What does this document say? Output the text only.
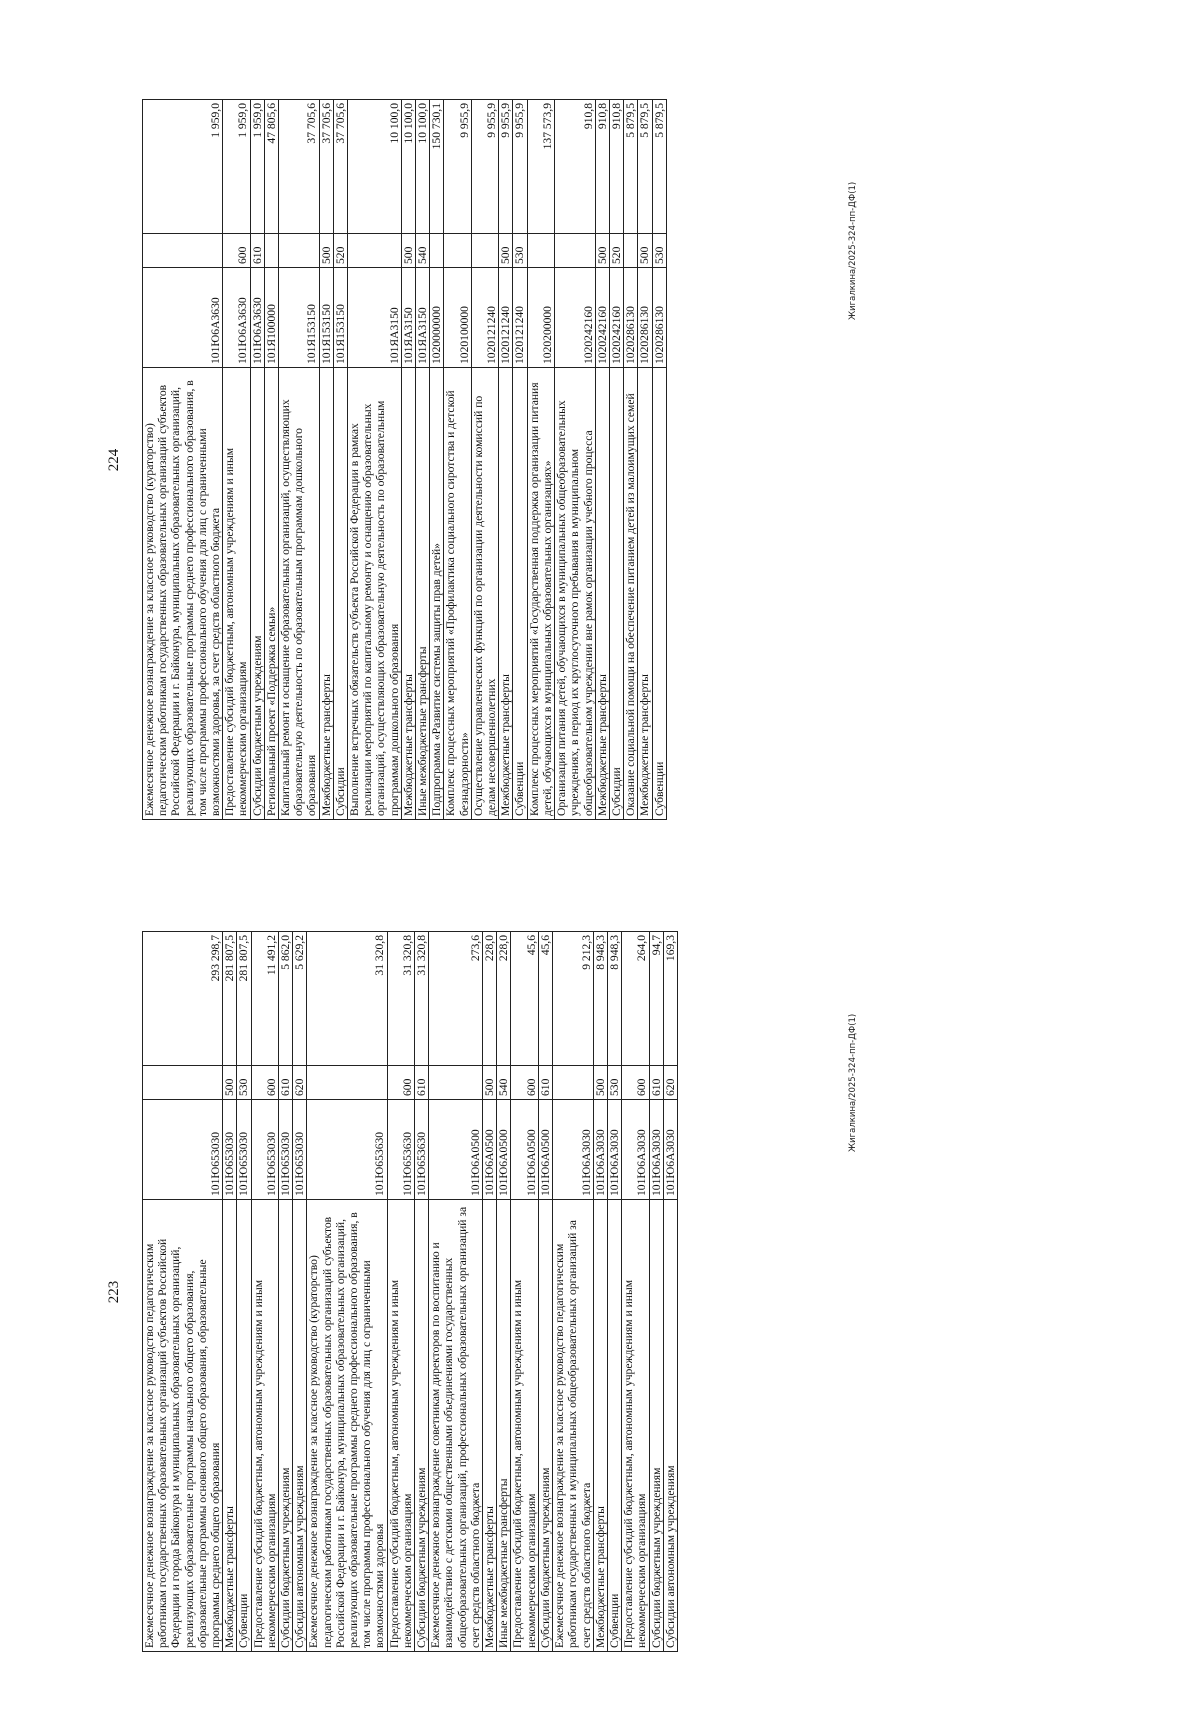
223 Ежемесячное денежное вознаграждение за классное руководство педагогическим работникам государственных образовательных организаций субъектов Российской Федерации и города Байконура и муниципальных образовательных организаций, реализующих образовательные программы начального общего образования, образовательные программы основного общего образования, образовательные программы среднего общего образования	101Ю653030		293 298,7
Межбюджетные трансферты	101Ю653030	500	281 807,5
Субвенции	101Ю653030	530	281 807,5
Предоставление субсидий бюджетным, автономным учреждениям и иным некоммерческим организациям	101Ю653030	600	11 491,2
Субсидии бюджетным учреждениям	101Ю653030	610	5 862,0
Субсидии автономным учреждениям	101Ю653030	620	5 629,2
Ежемесячное денежное вознаграждение за классное руководство (кураторство) педагогическим работникам государственных образовательных организаций субъектов Российской Федерации и г. Байконура, муниципальных образовательных организаций, реализующих образовательные программы среднего профессионального образования, в том числе программы профессионального обучения для лиц с ограниченными возможностями здоровья	101Ю653630		31 320,8
Предоставление субсидий бюджетным, автономным учреждениям и иным некоммерческим организациям	101Ю653630	600	31 320,8
Субсидии бюджетным учреждениям	101Ю653630	610	31 320,8
Ежемесячное денежное вознаграждение советникам директоров по воспитанию и взаимодействию с детскими общественными объединениями государственных общеобразовательных организаций, профессиональных образовательных организаций за счет средств областного бюджета	101Ю6А0500		273,6
Межбюджетные трансферты	101Ю6А0500	500	228,0
Иные межбюджетные трансферты	101Ю6А0500	540	228,0
Предоставление субсидий бюджетным, автономным учреждениям и иным некоммерческим организациям	101Ю6А0500	600	45,6
Субсидии бюджетным учреждениям	101Ю6А0500	610	45,6
Ежемесячное денежное вознаграждение за классное руководство педагогическим работникам государственных и муниципальных общеобразовательных организаций за счет средств областного бюджета	101Ю6А3030		9 212,3
Межбюджетные трансферты	101Ю6А3030	500	8 948,3
Субвенции	101Ю6А3030	530	8 948,3
Предоставление субсидий бюджетным, автономным учреждениям и иным некоммерческим организациям	101Ю6А3030	600	264,0
Субсидии бюджетным учреждениям	101Ю6А3030	610	94,7
Субсидии автономным учреждениям	101Ю6А3030	620	169,3
Жигалкина/2025-324-пп-ДФ(1)
224 Ежемесячное денежное вознаграждение за классное руководство (кураторство) педагогическим работникам государственных образовательных организаций субъектов Российской Федерации и г. Байконура, муниципальных образовательных организаций, реализующих образовательные программы среднего профессионального образования, в том числе программы профессионального обучения для лиц с ограниченными возможностями здоровья, за счет средств областного бюджета	101Ю6А3630		1 959,0
Предоставление субсидий бюджетным, автономным учреждениям и иным некоммерческим организациям	101Ю6А3630	600	1 959,0
Субсидии бюджетным учреждениям	101Ю6А3630	610	1 959,0
Региональный проект «Поддержка семьи»	101Я100000		47 805,6
Капитальный ремонт и оснащение образовательных организаций, осуществляющих образовательную деятельность по образовательным программам дошкольного образования	101Я153150		37 705,6
Межбюджетные трансферты	101Я153150	500	37 705,6
Субсидии	101Я153150	520	37 705,6
Выполнение встречных обязательств субъекта Российской Федерации в рамках реализации мероприятий по капитальному ремонту и оснащению образовательных организаций, осуществляющих образовательную деятельность по образовательным программам дошкольного образования	101ЯА3150		10 100,0
Межбюджетные трансферты	101ЯА3150	500	10 100,0
Иные межбюджетные трансферты	101ЯА3150	540	10 100,0
Подпрограмма «Развитие системы защиты прав детей»	1020000000		150 730,1
Комплекс процессных мероприятий «Профилактика социального сиротства и детской безнадзорности»	1020100000		9 955,9
Осуществление управленческих функций по организации деятельности комиссий по делам несовершеннолетних	1020121240		9 955,9
Межбюджетные трансферты	1020121240	500	9 955,9
Субвенции	1020121240	530	9 955,9
Комплекс процессных мероприятий «Государственная поддержка организации питания детей, обучающихся в муниципальных образовательных организациях»	1020200000		137 573,9
Организация питания детей, обучающихся в муниципальных общеобразовательных учреждениях, в период их круглосуточного пребывания в муниципальном общеобразовательном учреждении вне рамок организации учебного процесса	1020242160		910,8
Межбюджетные трансферты	1020242160	500	910,8
Субсидии	1020242160	520	910,8
Оказание социальной помощи на обеспечение питанием детей из малоимущих семей	1020286130		5 879,5
Межбюджетные трансферты	1020286130	500	5 879,5
Субвенции	1020286130	530	5 879,5
Жигалкина/2025-324-пп-ДФ(1)
